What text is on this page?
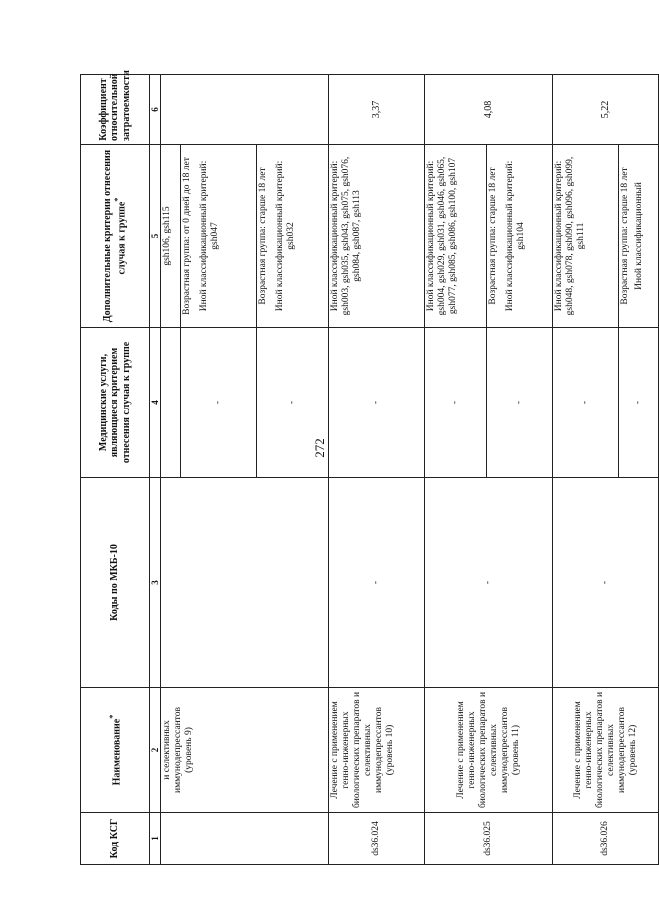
272
Код КСГ	Наименование*	Коды по МКБ-10	Медицинские услуги, являющиеся критерием отнесения случая к группе	Дополнительные критерии отнесения случая к группе*	Коэффициент относительной затратоемкости
1	2	3	4	5	6
	и селективных иммунодепрессантов (уровень 9)			gsh106, gsh115	
			-	Возрастная группа: от 0 дней до 18 лет Иной классификационный критерий: gsh047	

			-	Возрастная группа: старше 18 лет Иной классификационный критерий: gsh032	

ds36.024	Лечение с применением генно-инженерных биологических препаратов и селективных иммунодепрессантов (уровень 10)	-	-	Иной классификационный критерий: gsh003, gsh035, gsh043, gsh075, gsh076, gsh084, gsh087, gsh113	3,37
ds36.025	Лечение с применением генно-инженерных биологических препаратов и селективных иммунодепрессантов (уровень 11)	-	-	Иной классификационный критерий: gsh004, gsh029, gsh031, gsh046, gsh065, gsh077, gsh085, gsh086, gsh100, gsh107	4,08
			-	Возрастная группа: старше 18 лет Иной классификационный критерий: gsh104	

ds36.026	Лечение с применением генно-инженерных биологических препаратов и селективных иммунодепрессантов (уровень 12)	-	-	Иной классификационный критерий: gsh048, gsh078, gsh090, gsh096, gsh099, gsh111	5,22
			-	Возрастная группа: старше 18 лет Иной классификационный	
